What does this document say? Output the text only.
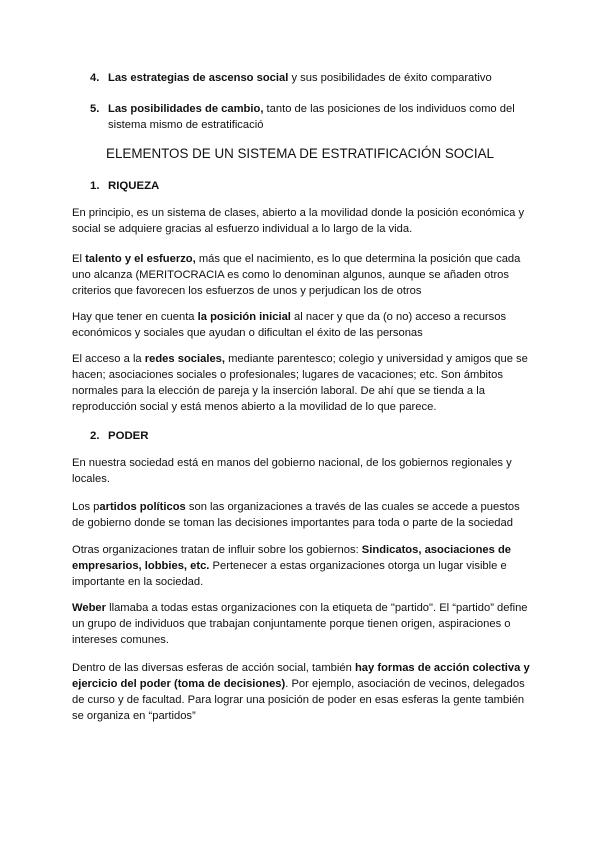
4. Las estrategias de ascenso social y sus posibilidades de éxito comparativo
5. Las posibilidades de cambio, tanto de las posiciones de los individuos como del sistema mismo de estratificació
ELEMENTOS DE UN SISTEMA DE ESTRATIFICACIÓN SOCIAL
1. RIQUEZA

En principio, es un sistema de clases, abierto a la movilidad donde la posición económica y social se adquiere gracias al esfuerzo individual a lo largo de la vida.

El talento y el esfuerzo, más que el nacimiento, es lo que determina la posición que cada uno alcanza (MERITOCRACIA es como lo denominan algunos, aunque se añaden otros criterios que favorecen los esfuerzos de unos y perjudican los de otros

Hay que tener en cuenta la posición inicial al nacer y que da (o no) acceso a recursos económicos y sociales que ayudan o dificultan el éxito de las personas

El acceso a la redes sociales, mediante parentesco; colegio y universidad y amigos que se hacen; asociaciones sociales o profesionales; lugares de vacaciones; etc. Son ámbitos normales para la elección de pareja y la inserción laboral. De ahí que se tienda a la reproducción social y está menos abierto a la movilidad de lo que parece.

2. PODER

En nuestra sociedad está en manos del gobierno nacional, de los gobiernos regionales y locales.

Los partidos políticos son las organizaciones a través de las cuales se accede a puestos de gobierno donde se toman las decisiones importantes para toda o parte de la sociedad

Otras organizaciones tratan de influir sobre los gobiernos: Sindicatos, asociaciones de empresarios, lobbies, etc. Pertenecer a estas organizaciones otorga un lugar visible e importante en la sociedad.

Weber llamaba a todas estas organizaciones con la etiqueta de "partido". El “partido” define un grupo de individuos que trabajan conjuntamente porque tienen origen, aspiraciones o intereses comunes.

Dentro de las diversas esferas de acción social, también hay formas de acción colectiva y ejercicio del poder (toma de decisiones). Por ejemplo, asociación de vecinos, delegados de curso y de facultad. Para lograr una posición de poder en esas esferas la gente también se organiza en “partidos”
